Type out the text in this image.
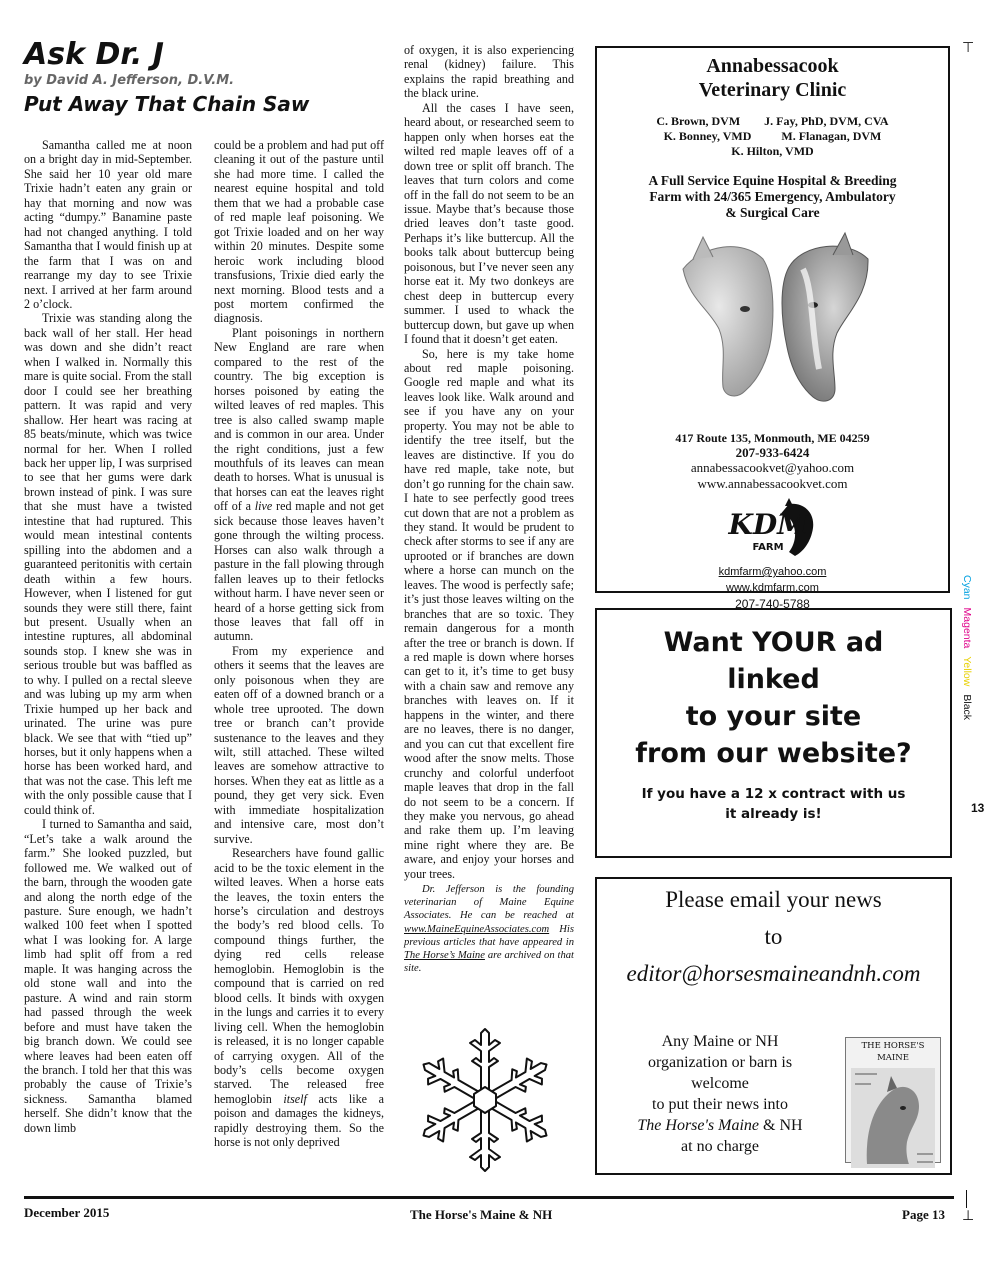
Ask Dr. J
by David A. Jefferson, D.V.M.
Put Away That Chain Saw

Samantha called me at noon on a bright day in mid-September. She said her 10 year old mare Trixie hadn’t eaten any grain or hay that morning and now was acting “dumpy.” Banamine paste had not changed anything. I told Samantha that I would finish up at the farm that I was on and rearrange my day to see Trixie next. I arrived at her farm around 2 o’clock.

Trixie was standing along the back wall of her stall. Her head was down and she didn’t react when I walked in. Normally this mare is quite social. From the stall door I could see her breathing pattern. It was rapid and very shallow. Her heart was racing at 85 beats/minute, which was twice normal for her. When I rolled back her upper lip, I was surprised to see that her gums were dark brown instead of pink. I was sure that she must have a twisted intestine that had ruptured. This would mean intestinal contents spilling into the abdomen and a guaranteed peritonitis with certain death within a few hours. However, when I listened for gut sounds they were still there, faint but present. Usually when an intestine ruptures, all abdominal sounds stop. I knew she was in serious trouble but was baffled as to why. I pulled on a rectal sleeve and was lubing up my arm when Trixie humped up her back and urinated. The urine was pure black. We see that with “tied up” horses, but it only happens when a horse has been worked hard, and that was not the case. This left me with the only possible cause that I could think of.

I turned to Samantha and said, “Let’s take a walk around the farm.” She looked puzzled, but followed me. We walked out of the barn, through the wooden gate and along the north edge of the pasture. Sure enough, we hadn’t walked 100 feet when I spotted what I was looking for. A large limb had split off from a red maple. It was hanging across the old stone wall and into the pasture. A wind and rain storm had passed through the week before and must have taken the big branch down. We could see where leaves had been eaten off the branch. I told her that this was probably the cause of Trixie’s sickness. Samantha blamed herself. She didn’t know that the down limb

could be a problem and had put off cleaning it out of the pasture until she had more time. I called the nearest equine hospital and told them that we had a probable case of red maple leaf poisoning. We got Trixie loaded and on her way within 20 minutes. Despite some heroic work including blood transfusions, Trixie died early the next morning. Blood tests and a post mortem confirmed the diagnosis.

Plant poisonings in northern New England are rare when compared to the rest of the country. The big exception is horses poisoned by eating the wilted leaves of red maples. This tree is also called swamp maple and is common in our area. Under the right conditions, just a few mouthfuls of its leaves can mean death to horses. What is unusual is that horses can eat the leaves right off of a live red maple and not get sick because those leaves haven’t gone through the wilting process. Horses can also walk through a pasture in the fall plowing through fallen leaves up to their fetlocks without harm. I have never seen or heard of a horse getting sick from those leaves that fall off in autumn.

From my experience and others it seems that the leaves are only poisonous when they are eaten off of a downed branch or a whole tree uprooted. The down tree or branch can’t provide sustenance to the leaves and they wilt, still attached. These wilted leaves are somehow attractive to horses. When they eat as little as a pound, they get very sick. Even with immediate hospitalization and intensive care, most don’t survive.

Researchers have found gallic acid to be the toxic element in the wilted leaves. When a horse eats the leaves, the toxin enters the horse’s circulation and destroys the body’s red blood cells. To compound things further, the dying red cells release hemoglobin. Hemoglobin is the compound that is carried on red blood cells. It binds with oxygen in the lungs and carries it to every living cell. When the hemoglobin is released, it is no longer capable of carrying oxygen. All of the body’s cells become oxygen starved. The released free hemoglobin itself acts like a poison and damages the kidneys, rapidly destroying them. So the horse is not only deprived

of oxygen, it is also experiencing renal (kidney) failure. This explains the rapid breathing and the black urine.

All the cases I have seen, heard about, or researched seem to happen only when horses eat the wilted red maple leaves off of a down tree or split off branch. The leaves that turn colors and come off in the fall do not seem to be an issue. Maybe that’s because those dried leaves don’t taste good. Perhaps it’s like buttercup. All the books talk about buttercup being poisonous, but I’ve never seen any horse eat it. My two donkeys are chest deep in buttercup every summer. I used to whack the buttercup down, but gave up when I found that it doesn’t get eaten.

So, here is my take home about red maple poisoning. Google red maple and what its leaves look like. Walk around and see if you have any on your property. You may not be able to identify the tree itself, but the leaves are distinctive. If you do have red maple, take note, but don’t go running for the chain saw. I hate to see perfectly good trees cut down that are not a problem as they stand. It would be prudent to check after storms to see if any are uprooted or if branches are down where a horse can munch on the leaves. The wood is perfectly safe; it’s just those leaves wilting on the branches that are so toxic. They remain dangerous for a month after the tree or branch is down. If a red maple is down where horses can get to it, it’s time to get busy with a chain saw and remove any branches with leaves on. If it happens in the winter, and there are no leaves, there is no danger, and you can cut that excellent fire wood after the snow melts. Those crunchy and colorful underfoot maple leaves that drop in the fall do not seem to be a concern. If they make you nervous, go ahead and rake them up. I’m leaving mine right where they are. Be aware, and enjoy your horses and your trees.

Dr. Jefferson is the founding veterinarian of Maine Equine Associates. He can be reached at www.MaineEquineAssociates.com His previous articles that have appeared in The Horse’s Maine are archived on that site.

Annabessacook
Veterinary Clinic
C. Brown, DVM        J. Fay, PhD, DVM, CVA
K. Bonney, VMD          M. Flanagan, DVM
K. Hilton, VMD
A Full Service Equine Hospital & Breeding
Farm with 24/365 Emergency, Ambulatory
& Surgical Care
417 Route 135, Monmouth, ME 04259
207-933-6424
annabessacookvet@yahoo.com
www.annabessacookvet.com
KDM
FARM
kdmfarm@yahoo.com
www.kdmfarm.com
207-740-5788
Want YOUR ad
linked
to your site
from our website?
If you have a 12 x contract with us
it already is!
Please email your news
to
editor@horsesmaineandnh.com
Any Maine or NH
organization or barn is
welcome
to put their news into
The Horse's Maine & NH
at no charge
THE HORSE'S MAINE
December 2015	The Horse's Maine & NH	Page 13
⊤
⊥
Cyan  Magenta  Yellow  Black
13
